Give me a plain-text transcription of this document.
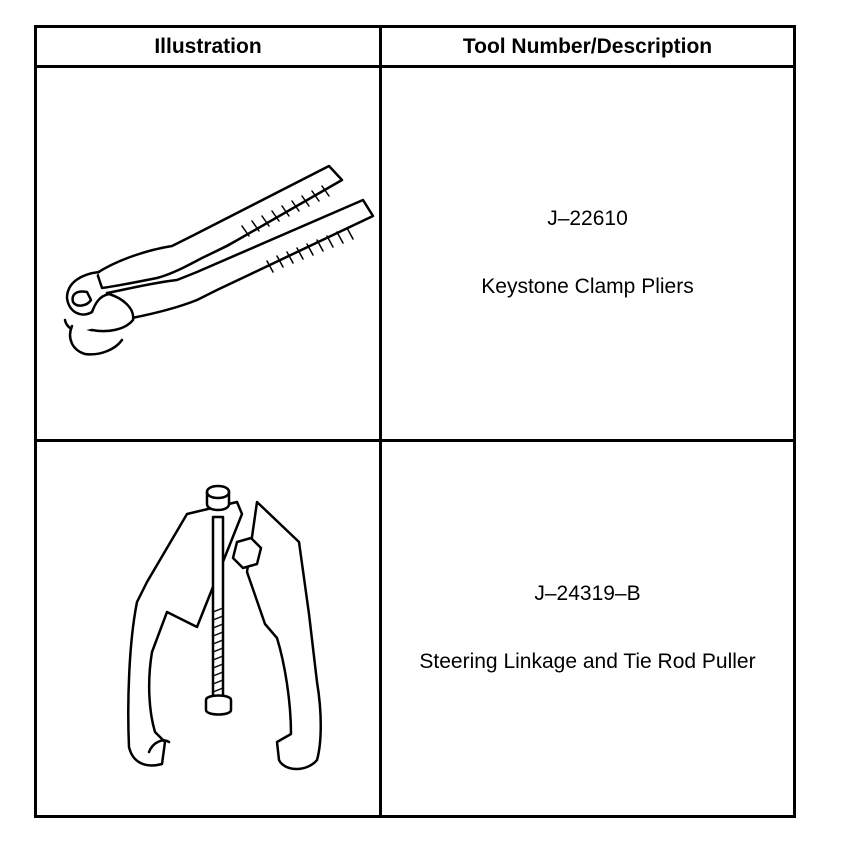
Illustration	Tool Number/Description
J–22610
Keystone Clamp Pliers
J–24319–B
Steering Linkage and Tie Rod Puller
